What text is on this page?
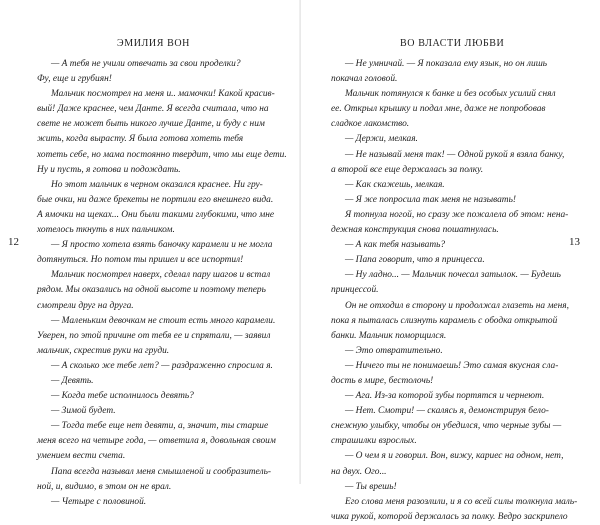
ЭМИЛИЯ ВОН
— А тебя не учили отвечать за свои проделки?
Фу, еще и грубиян!
Мальчик посмотрел на меня и.. мамочки! Какой красив-
вый! Даже краснее, чем Данте. Я всегда считала, что на
свете не может быть никого лучше Данте, и буду с ним
жить, когда вырасту. Я была готова хотеть тебя
хотеть себе, но мама постоянно твердит, что мы еще дети.
Ну и пусть, я готова и подождать.
Но этот мальчик в черном оказался краснее. Ни гру-
бые очки, ни даже брекеты не портили его внешнего вида.
А ямочки на щеках... Они были такими глубокими, что мне
хотелось ткнуть в них пальчиком.
— Я просто хотела взять баночку карамели и не могла
дотянуться. Но потом ты пришел и все испортил!
Мальчик посмотрел наверх, сделал пару шагов и встал
рядом. Мы оказались на одной высоте и поэтому теперь
смотрели друг на друга.
— Маленьким девочкам не стоит есть много карамели.
Уверен, по этой причине от тебя ее и спрятали, — заявил
мальчик, скрестив руки на груди.
— А сколько же тебе лет? — раздраженно спросила я.
— Девять.
— Когда тебе исполнилось девять?
— Зимой будет.
— Тогда тебе еще нет девяти, а, значит, ты старше
меня всего на четыре года, — ответила я, довольная своим
умением вести счета.
Папа всегда называл меня смышленой и сообразитель-
ной, и, видимо, в этом он не врал.
— Четыре с половиной.
12
ВО ВЛАСТИ ЛЮБВИ
— Не умничай. — Я показала ему язык, но он лишь
покачал головой.
Мальчик потянулся к банке и без особых усилий снял
ее. Открыл крышку и подал мне, даже не попробовав
сладкое лакомство.
— Держи, мелкая.
— Не называй меня так! — Одной рукой я взяла банку,
а второй все еще держалась за полку.
— Как скажешь, мелкая.
— Я же попросила так меня не называть!
Я топнула ногой, но сразу же пожалела об этом: нена-
дежная конструкция снова пошатнулась.
— А как тебя называть?
— Папа говорит, что я принцесса.
— Ну ладно... — Мальчик почесал затылок. — Будешь
принцессой.
Он не отходил в сторону и продолжал глазеть на меня,
пока я пыталась слизнуть карамель с ободка открытой
банки. Мальчик поморщился.
— Это отвратительно.
— Ничего ты не понимаешь! Это самая вкусная сла-
дость в мире, бестолочь!
— Ага. Из-за которой зубы портятся и чернеют.
— Нет. Смотри! — скалясь я, демонстрируя бело-
снежную улыбку, чтобы он убедился, что черные зубы —
страшилки взрослых.
— О чем я и говорил. Вон, вижу, кариес на одном, нет,
на двух. Ого...
— Ты врешь!
Его слова меня разозлили, и я со всей силы толкнула маль-
чика рукой, которой держалась за полку. Ведро заскрипело
13
